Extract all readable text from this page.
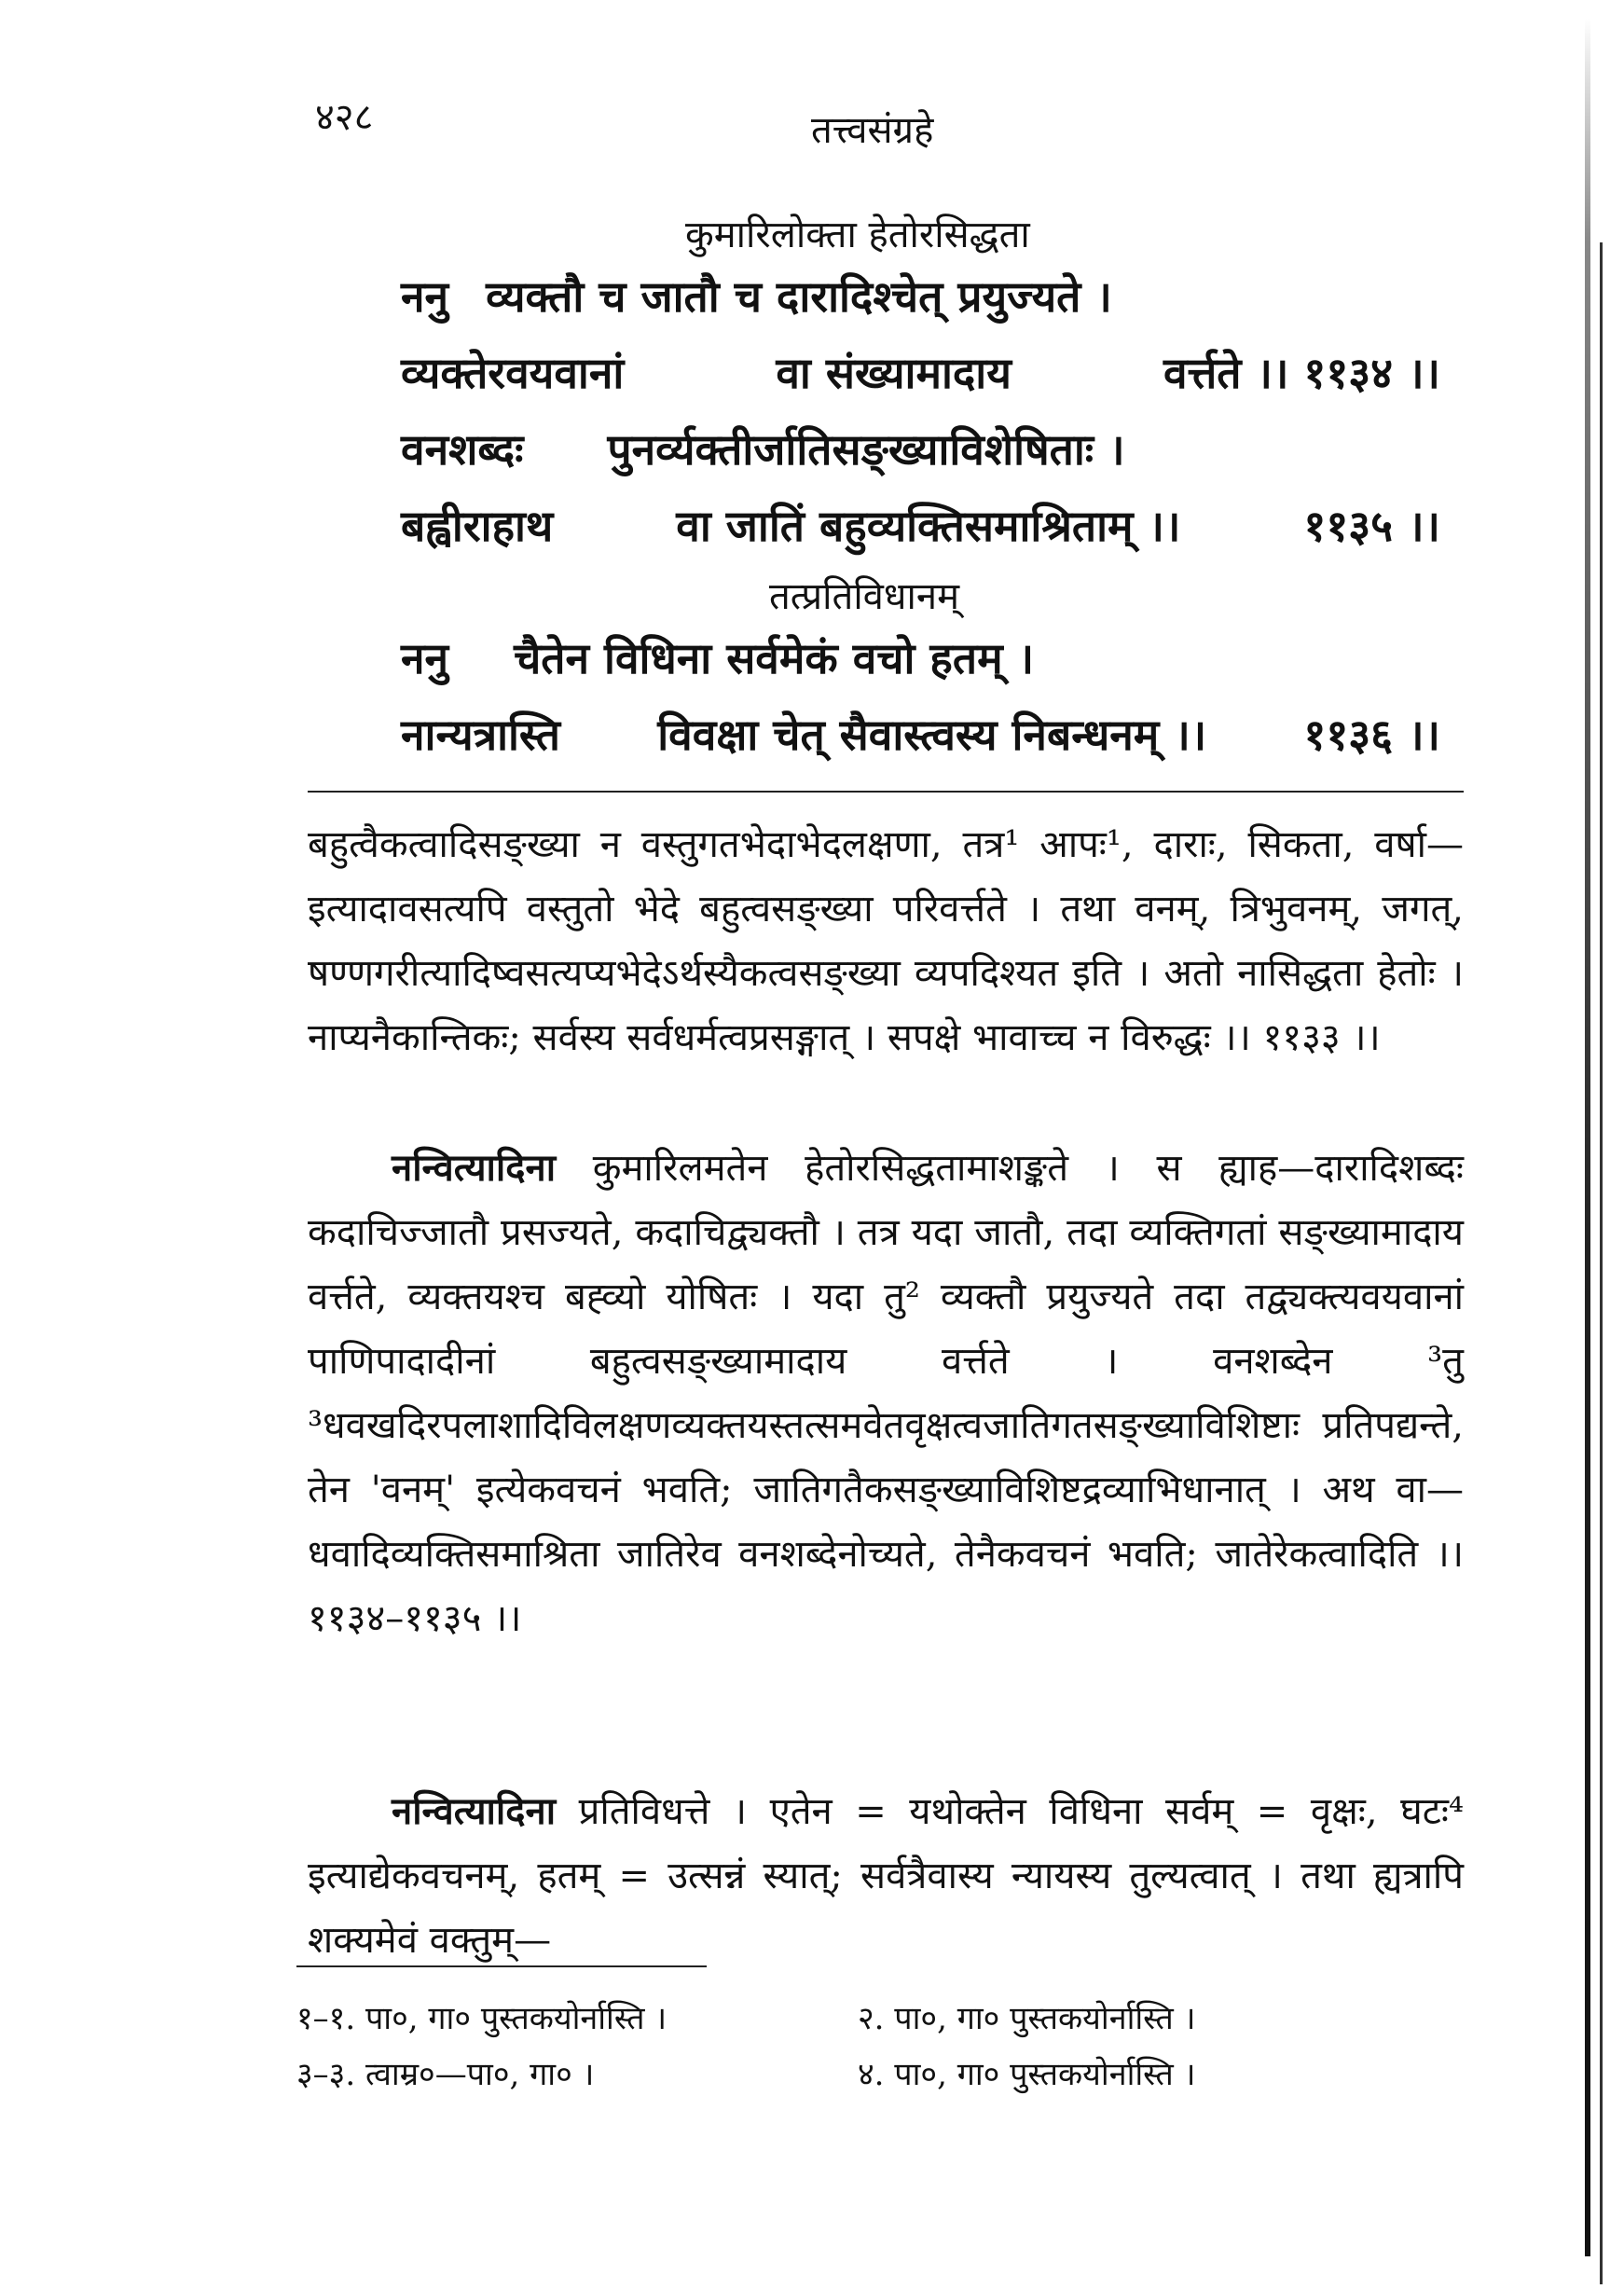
४२८	तत्त्वसंग्रहे
कुमारिलोक्ता हेतोरसिद्धता
ननु व्यक्तौ च जातौ च दारादिश्चेत् प्रयुज्यते ।
व्यक्तेरवयवानां	वा संख्यामादाय	वर्त्तते ।। ११३४ ।।
वनशब्दः पुनर्व्यक्तीर्जातिसङ्ख्याविशेषिताः ।
बह्वीराहाथ	वा जातिं बहुव्यक्तिसमाश्रिताम् ।।	११३५ ।।
तत्प्रतिविधानम्
ननु चैतेन विधिना सर्वमेकं वचो हतम् ।
नान्यत्रास्ति विवक्षा चेत् सैवास्त्वस्य निबन्धनम् ।। ११३६ ।।
बहुत्वैकत्वादिसङ्ख्या न वस्तुगतभेदाभेदलक्षणा, तत्र¹ आपः¹, दाराः, सिकता, वर्षा—इत्यादावसत्यपि वस्तुतो भेदे बहुत्वसङ्ख्या परिवर्त्तते । तथा वनम्, त्रिभुवनम्, जगत्, षण्णगरीत्यादिष्वसत्यप्यभेदेऽर्थस्यैकत्वसङ्ख्या व्यपदिश्यत इति । अतो नासिद्धता हेतोः । नाप्यनैकान्तिकः; सर्वस्य सर्वधर्मत्वप्रसङ्गात् । सपक्षे भावाच्च न विरुद्धः ।। ११३३ ।।
नन्वित्यादिना कुमारिलमतेन हेतोरसिद्धतामाशङ्कते । स ह्याह—दारादिशब्दः कदाचिज्जातौ प्रसज्यते, कदाचिद्व्यक्तौ । तत्र यदा जातौ, तदा व्यक्तिगतां सङ्ख्यामादाय वर्त्तते, व्यक्तयश्च बह्व्यो योषितः । यदा तु² व्यक्तौ प्रयुज्यते तदा तद्व्यक्त्यवयवानां पाणिपादादीनां बहुत्वसङ्ख्यामादाय वर्त्तते । वनशब्देन ³तु ³धवखदिरपलाशादिविलक्षणव्यक्तयस्तत्समवेतवृक्षत्वजातिगतसङ्ख्याविशिष्टाः प्रतिपद्यन्ते, तेन 'वनम्' इत्येकवचनं भवति; जातिगतैकसङ्ख्याविशिष्टद्रव्याभिधानात् । अथ वा—धवादिव्यक्तिसमाश्रिता जातिरेव वनशब्देनोच्यते, तेनैकवचनं भवति; जातेरेकत्वादिति ।। ११३४–११३५ ।।
नन्वित्यादिना प्रतिविधत्ते । एतेन = यथोक्तेन विधिना सर्वम् = वृक्षः, घटः⁴ इत्याद्येकवचनम्, हतम् = उत्सन्नं स्यात्; सर्वत्रैवास्य न्यायस्य तुल्यत्वात् । तथा ह्यत्रापि शक्यमेवं वक्तुम्—
१–१. पा०, गा० पुस्तकयोर्नास्ति ।	२. पा०, गा० पुस्तकयोर्नास्ति ।
३–३. त्वाम्र०—पा०, गा० ।	४. पा०, गा० पुस्तकयोर्नास्ति ।
